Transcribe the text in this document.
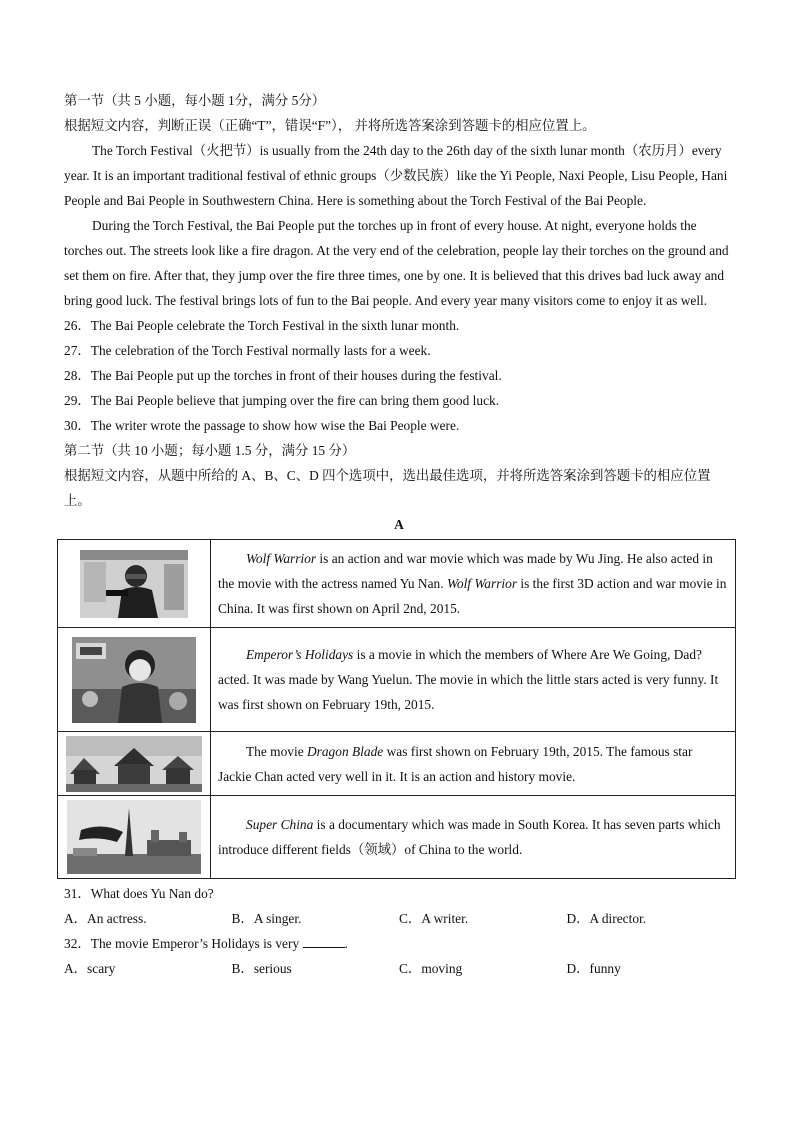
第一节（共 5 小题，每小题 1分，满分 5分）

根据短文内容，判断正误（正确“T”，错误“F”）， 并将所选答案涂到答题卡的相应位置上。

The Torch Festival（火把节）is usually from the 24th day to the 26th day of the sixth lunar month（农历月）every year. It is an important traditional festival of ethnic groups（少数民族）like the Yi People, Naxi People, Lisu People, Hani People and Bai People in Southwestern China. Here is something about the Torch Festival of the Bai People.

During the Torch Festival, the Bai People put the torches up in front of every house. At night, everyone holds the torches out. The streets look like a fire dragon. At the very end of the celebration, people lay their torches on the ground and set them on fire. After that, they jump over the fire three times, one by one. It is believed that this drives bad luck away and bring good luck. The festival brings lots of fun to the Bai people. And every year many visitors come to enjoy it as well.

26．The Bai People celebrate the Torch Festival in the sixth lunar month.

27．The celebration of the Torch Festival normally lasts for a week.

28．The Bai People put up the torches in front of their houses during the festival.

29．The Bai People believe that jumping over the fire can bring them good luck.

30．The writer wrote the passage to show how wise the Bai People were.

第二节（共 10 小题；每小题 1.5 分，满分 15 分）

根据短文内容，从题中所给的 A、B、C、D 四个选项中，选出最佳选项，并将所选答案涂到答题卡的相应位置上。

A

	Wolf Warrior is an action and war movie which was made by Wu Jing. He also acted in the movie with the actress named Yu Nan. Wolf Warrior is the first 3D action and war movie in China. It was first shown on April 2nd, 2015.

	Emperor’s Holidays is a movie in which the members of Where Are We Going, Dad? acted. It was made by Wang Yuelun. The movie in which the little stars acted is very funny. It was first shown on February 19th, 2015.

	The movie Dragon Blade was first shown on February 19th, 2015. The famous star Jackie Chan acted very well in it. It is an action and history movie.

	Super China is a documentary which was made in South Korea. It has seven parts which introduce different fields（领域）of China to the world.

31．What does Yu Nan do?

A．An actress.	B．A singer.	C．A writer.	D．A director.

32．The movie Emperor’s Holidays is very	.

A．scary	B．serious	C．moving	D．funny
